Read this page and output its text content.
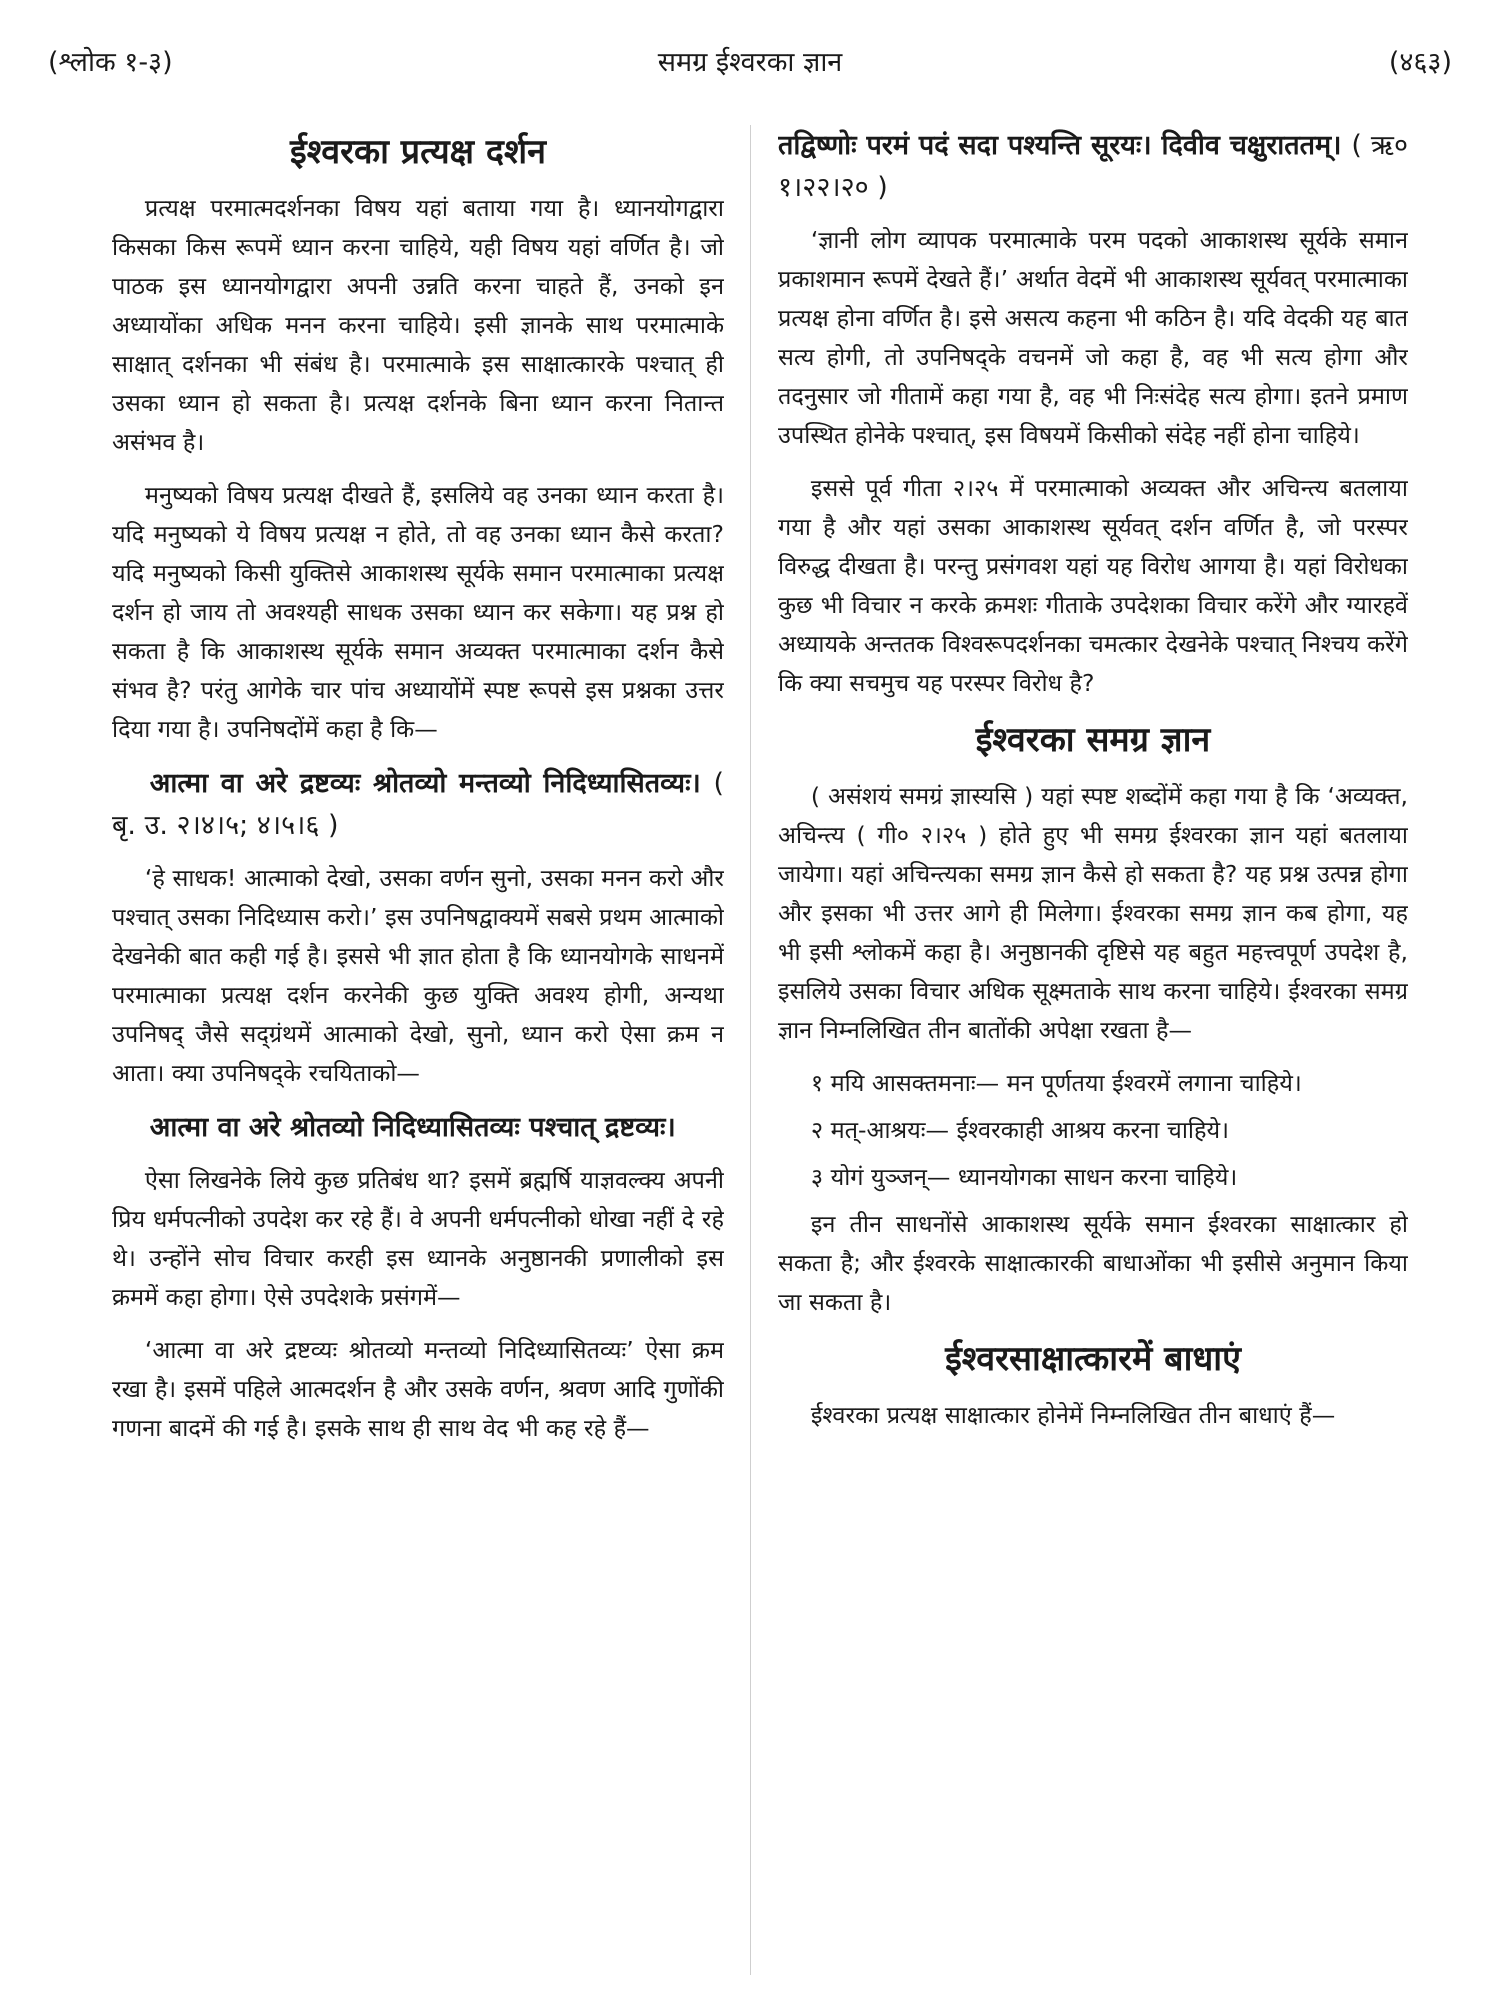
(श्लोक १-३)	समग्र ईश्वरका ज्ञान	(४६३)
ईश्वरका प्रत्यक्ष दर्शन

प्रत्यक्ष परमात्मदर्शनका विषय यहां बताया गया है। ध्यानयोगद्वारा किसका किस रूपमें ध्यान करना चाहिये, यही विषय यहां वर्णित है। जो पाठक इस ध्यानयोगद्वारा अपनी उन्नति करना चाहते हैं, उनको इन अध्यायोंका अधिक मनन करना चाहिये। इसी ज्ञानके साथ परमात्माके साक्षात् दर्शनका भी संबंध है। परमात्माके इस साक्षात्कारके पश्चात् ही उसका ध्यान हो सकता है। प्रत्यक्ष दर्शनके बिना ध्यान करना नितान्त असंभव है।

मनुष्यको विषय प्रत्यक्ष दीखते हैं, इसलिये वह उनका ध्यान करता है। यदि मनुष्यको ये विषय प्रत्यक्ष न होते, तो वह उनका ध्यान कैसे करता? यदि मनुष्यको किसी युक्तिसे आकाशस्थ सूर्यके समान परमात्माका प्रत्यक्ष दर्शन हो जाय तो अवश्यही साधक उसका ध्यान कर सकेगा। यह प्रश्न हो सकता है कि आकाशस्थ सूर्यके समान अव्यक्त परमात्माका दर्शन कैसे संभव है? परंतु आगेके चार पांच अध्यायोंमें स्पष्ट रूपसे इस प्रश्नका उत्तर दिया गया है। उपनिषदोंमें कहा है कि—

आत्मा वा अरे द्रष्टव्यः श्रोतव्यो मन्तव्यो निदिध्यासितव्यः। ( बृ. उ. २।४।५; ४।५।६ )

‘हे साधक! आत्माको देखो, उसका वर्णन सुनो, उसका मनन करो और पश्चात् उसका निदिध्यास करो।’ इस उपनिषद्वाक्यमें सबसे प्रथम आत्माको देखनेकी बात कही गई है। इससे भी ज्ञात होता है कि ध्यानयोगके साधनमें परमात्माका प्रत्यक्ष दर्शन करनेकी कुछ युक्ति अवश्य होगी, अन्यथा उपनिषद् जैसे सद्ग्रंथमें आत्माको देखो, सुनो, ध्यान करो ऐसा क्रम न आता। क्या उपनिषद्के रचयिताको—

आत्मा वा अरे श्रोतव्यो निदिध्यासितव्यः पश्चात् द्रष्टव्यः।

ऐसा लिखनेके लिये कुछ प्रतिबंध था? इसमें ब्रह्मर्षि याज्ञवल्क्य अपनी प्रिय धर्मपत्नीको उपदेश कर रहे हैं। वे अपनी धर्मपत्नीको धोखा नहीं दे रहे थे। उन्होंने सोच विचार करही इस ध्यानके अनुष्ठानकी प्रणालीको इस क्रममें कहा होगा। ऐसे उपदेशके प्रसंगमें—

‘आत्मा वा अरे द्रष्टव्यः श्रोतव्यो मन्तव्यो निदिध्यासितव्यः’ ऐसा क्रम रखा है। इसमें पहिले आत्मदर्शन है और उसके वर्णन, श्रवण आदि गुणोंकी गणना बादमें की गई है। इसके साथ ही साथ वेद भी कह रहे हैं—

तद्विष्णोः परमं पदं सदा पश्यन्ति सूरयः। दिवीव चक्षुराततम्। ( ऋ० १।२२।२० )

‘ज्ञानी लोग व्यापक परमात्माके परम पदको आकाशस्थ सूर्यके समान प्रकाशमान रूपमें देखते हैं।’ अर्थात वेदमें भी आकाशस्थ सूर्यवत् परमात्माका प्रत्यक्ष होना वर्णित है। इसे असत्य कहना भी कठिन है। यदि वेदकी यह बात सत्य होगी, तो उपनिषद्के वचनमें जो कहा है, वह भी सत्य होगा और तदनुसार जो गीतामें कहा गया है, वह भी निःसंदेह सत्य होगा। इतने प्रमाण उपस्थित होनेके पश्चात्, इस विषयमें किसीको संदेह नहीं होना चाहिये।

इससे पूर्व गीता २।२५ में परमात्माको अव्यक्त और अचिन्त्य बतलाया गया है और यहां उसका आकाशस्थ सूर्यवत् दर्शन वर्णित है, जो परस्पर विरुद्ध दीखता है। परन्तु प्रसंगवश यहां यह विरोध आगया है। यहां विरोधका कुछ भी विचार न करके क्रमशः गीताके उपदेशका विचार करेंगे और ग्यारहवें अध्यायके अन्ततक विश्वरूपदर्शनका चमत्कार देखनेके पश्चात् निश्चय करेंगे कि क्या सचमुच यह परस्पर विरोध है?

ईश्वरका समग्र ज्ञान

( असंशयं समग्रं ज्ञास्यसि ) यहां स्पष्ट शब्दोंमें कहा गया है कि ‘अव्यक्त, अचिन्त्य ( गी० २।२५ ) होते हुए भी समग्र ईश्वरका ज्ञान यहां बतलाया जायेगा। यहां अचिन्त्यका समग्र ज्ञान कैसे हो सकता है? यह प्रश्न उत्पन्न होगा और इसका भी उत्तर आगे ही मिलेगा। ईश्वरका समग्र ज्ञान कब होगा, यह भी इसी श्लोकमें कहा है। अनुष्ठानकी दृष्टिसे यह बहुत महत्त्वपूर्ण उपदेश है, इसलिये उसका विचार अधिक सूक्ष्मताके साथ करना चाहिये। ईश्वरका समग्र ज्ञान निम्नलिखित तीन बातोंकी अपेक्षा रखता है—

१ मयि आसक्तमनाः— मन पूर्णतया ईश्वरमें लगाना चाहिये।

२ मत्-आश्रयः— ईश्वरकाही आश्रय करना चाहिये।

३ योगं युञ्जन्— ध्यानयोगका साधन करना चाहिये।

इन तीन साधनोंसे आकाशस्थ सूर्यके समान ईश्वरका साक्षात्कार हो सकता है; और ईश्वरके साक्षात्कारकी बाधाओंका भी इसीसे अनुमान किया जा सकता है।

ईश्वरसाक्षात्कारमें बाधाएं

ईश्वरका प्रत्यक्ष साक्षात्कार होनेमें निम्नलिखित तीन बाधाएं हैं—
